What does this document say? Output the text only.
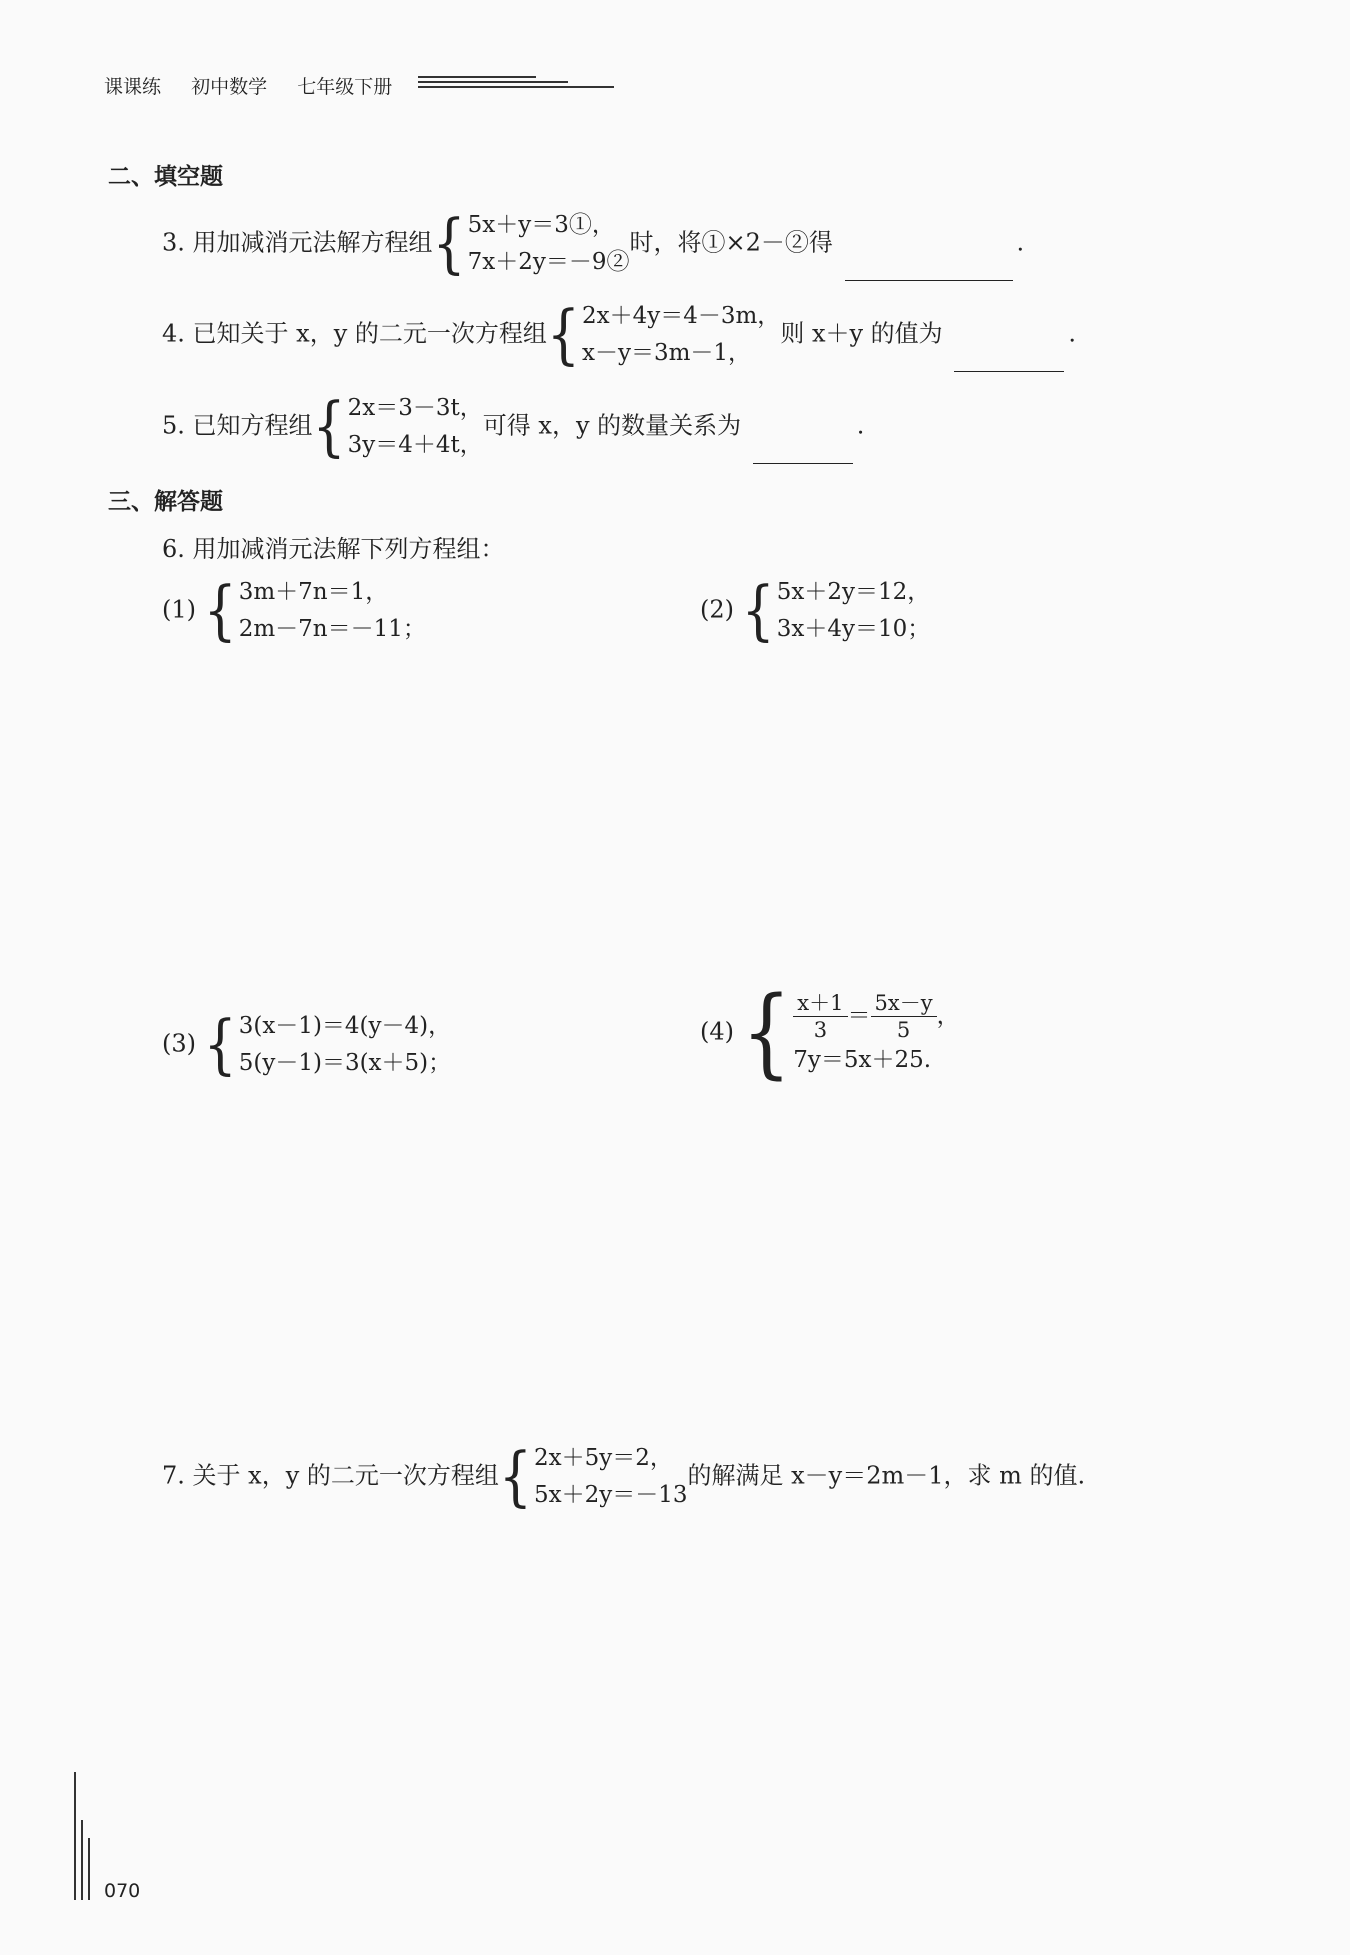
课课练 初中数学 七年级下册
二、填空题
3. 用加减消元法解方程组 { 5x＋y＝3①，
7x＋2y＝－9②
时，将①×2－②得	.
4. 已知关于 x，y 的二元一次方程组 { 2x＋4y＝4－3m，
x－y＝3m－1，
则 x＋y 的值为	.
5. 已知方程组 { 2x＝3－3t，
3y＝4＋4t，
可得 x，y 的数量关系为	.
三、解答题
6. 用加减消元法解下列方程组：
(1) { 3m＋7n＝1，
2m－7n＝－11；
(2) { 5x＋2y＝12，
3x＋4y＝10；
(3) { 3(x－1)＝4(y－4)，
5(y－1)＝3(x＋5)；
(4) { $\frac{x+1}{3} = \frac{5x-y}{5}$ ，
7y＝5x＋25.
7. 关于 x，y 的二元一次方程组 { 2x＋5y＝2，
5x＋2y＝－13
的解满足 x－y＝2m－1，求 m 的值.
070
